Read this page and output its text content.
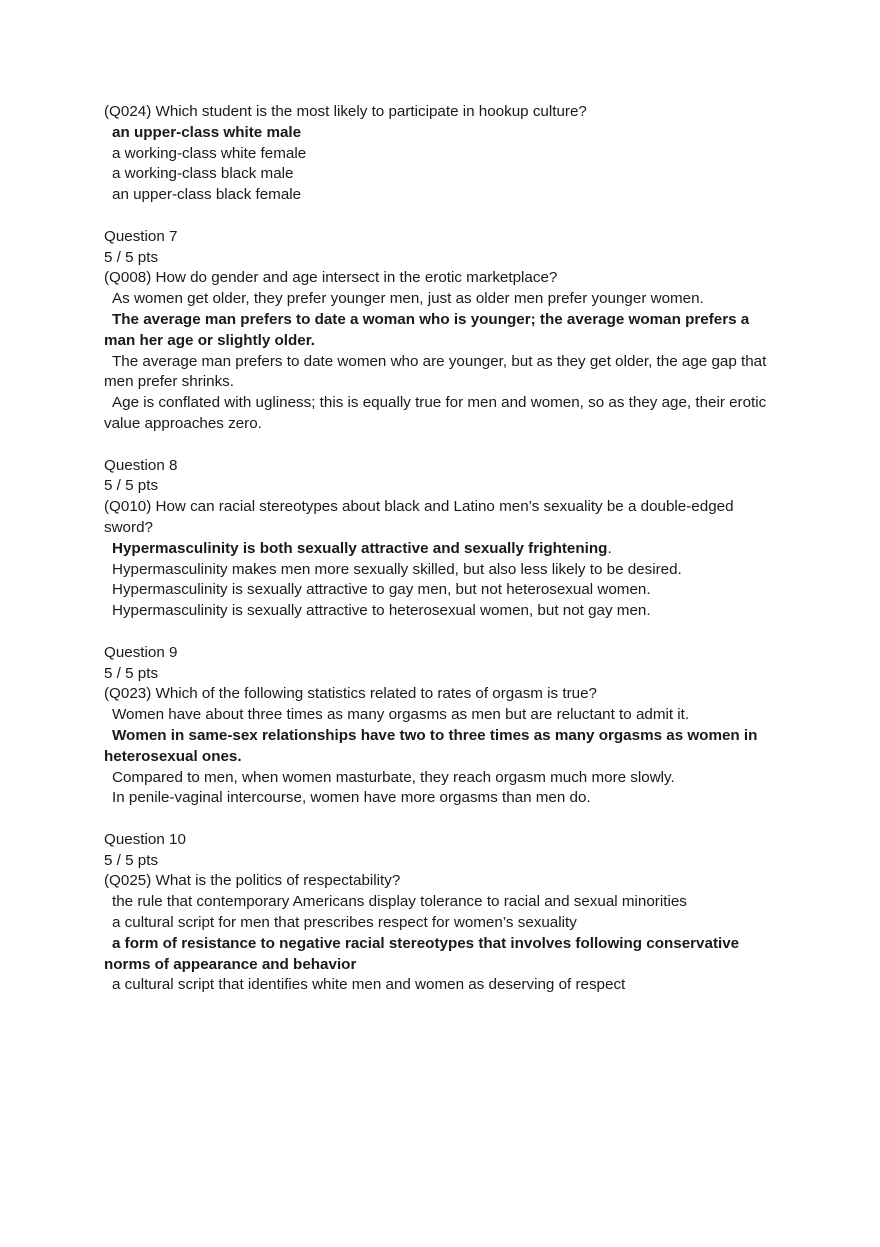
(Q024) Which student is the most likely to participate in hookup culture?
an upper-class white male
a working-class white female
a working-class black male
an upper-class black female
Question 7
5 / 5 pts
(Q008) How do gender and age intersect in the erotic marketplace?
As women get older, they prefer younger men, just as older men prefer younger women.
The average man prefers to date a woman who is younger; the average woman prefers a man her age or slightly older.
The average man prefers to date women who are younger, but as they get older, the age gap that men prefer shrinks.
Age is conflated with ugliness; this is equally true for men and women, so as they age, their erotic value approaches zero.
Question 8
5 / 5 pts
(Q010) How can racial stereotypes about black and Latino men’s sexuality be a double-edged sword?
Hypermasculinity is both sexually attractive and sexually frightening.
Hypermasculinity makes men more sexually skilled, but also less likely to be desired.
Hypermasculinity is sexually attractive to gay men, but not heterosexual women.
Hypermasculinity is sexually attractive to heterosexual women, but not gay men.
Question 9
5 / 5 pts
(Q023) Which of the following statistics related to rates of orgasm is true?
Women have about three times as many orgasms as men but are reluctant to admit it.
Women in same-sex relationships have two to three times as many orgasms as women in heterosexual ones.
Compared to men, when women masturbate, they reach orgasm much more slowly.
In penile-vaginal intercourse, women have more orgasms than men do.
Question 10
5 / 5 pts
(Q025) What is the politics of respectability?
the rule that contemporary Americans display tolerance to racial and sexual minorities
a cultural script for men that prescribes respect for women’s sexuality
a form of resistance to negative racial stereotypes that involves following conservative norms of appearance and behavior
a cultural script that identifies white men and women as deserving of respect
